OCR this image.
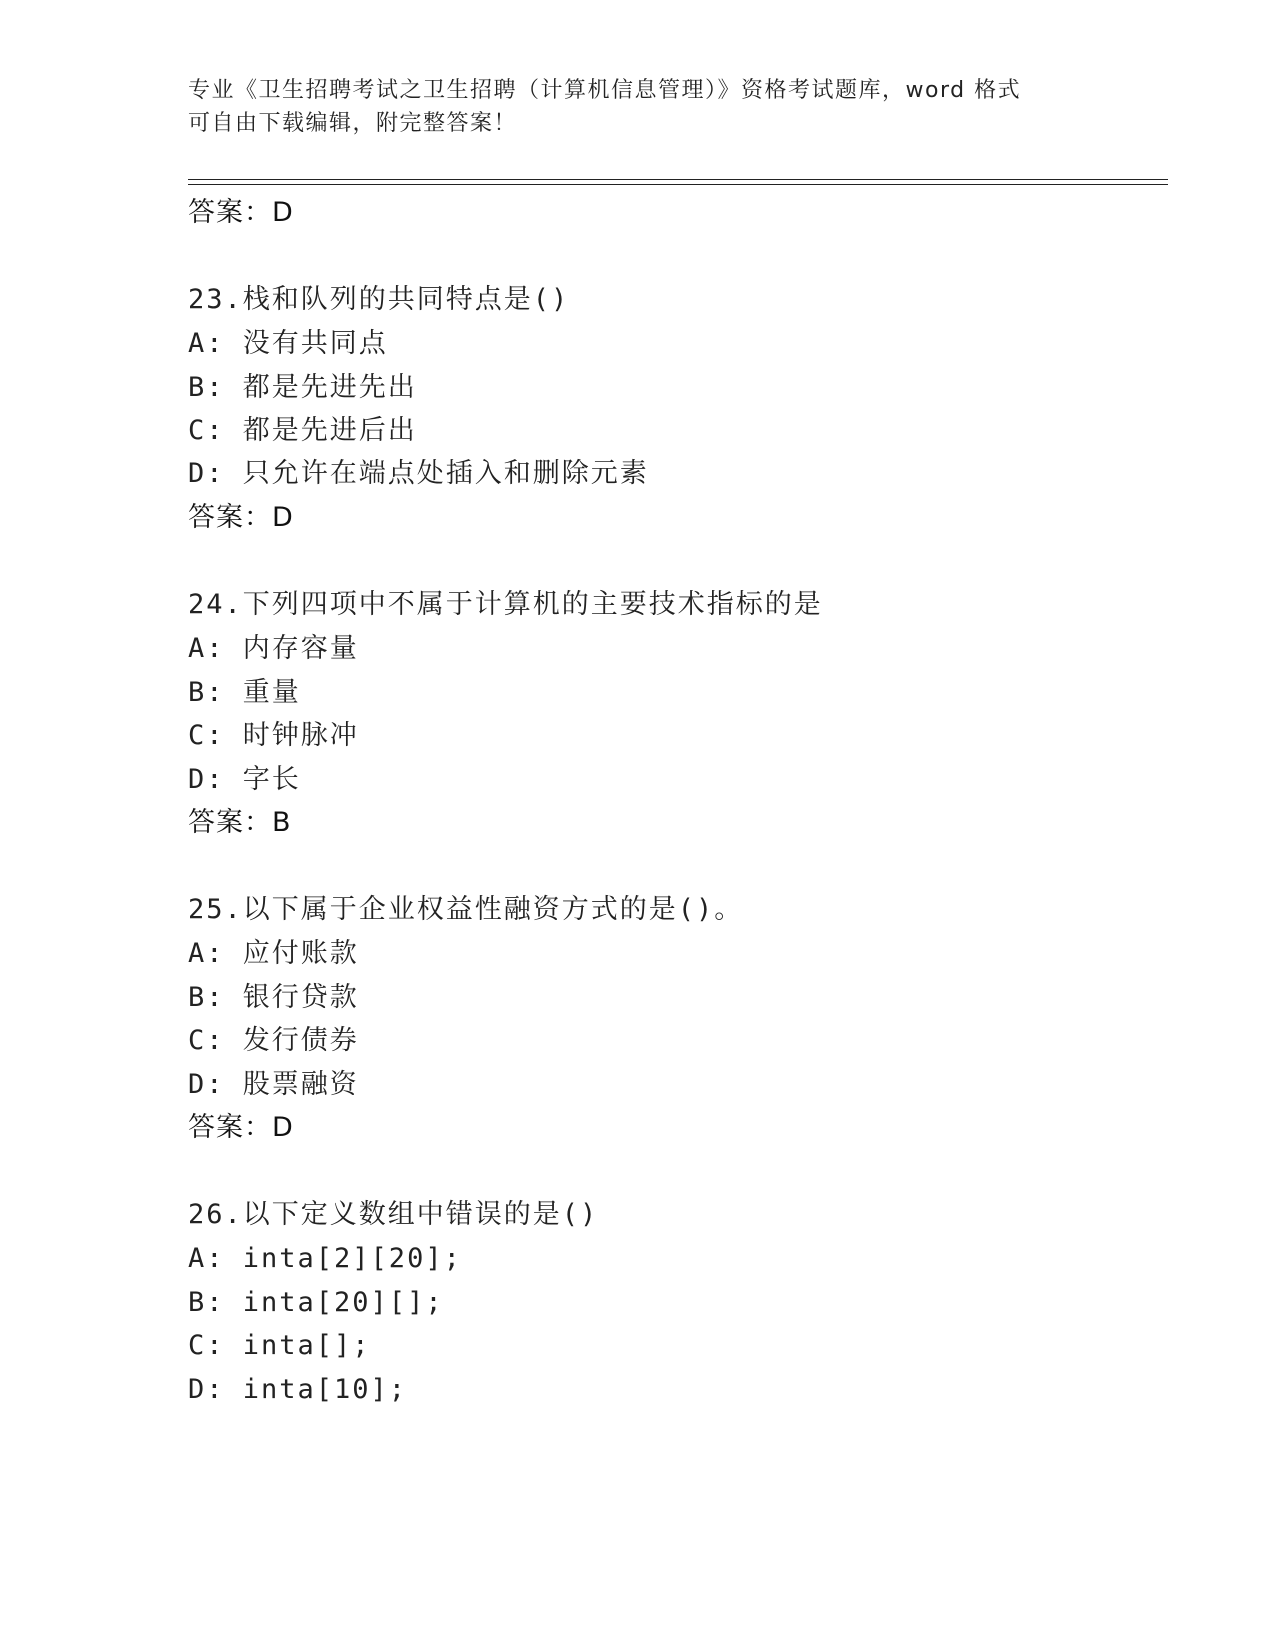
专业《卫生招聘考试之卫生招聘（计算机信息管理）》资格考试题库，word 格式
可自由下载编辑，附完整答案！
答案：D
23.栈和队列的共同特点是()
A: 没有共同点
B: 都是先进先出
C: 都是先进后出
D: 只允许在端点处插入和删除元素
答案：D
24.下列四项中不属于计算机的主要技术指标的是
A: 内存容量
B: 重量
C: 时钟脉冲
D: 字长
答案：B
25.以下属于企业权益性融资方式的是()。
A: 应付账款
B: 银行贷款
C: 发行债券
D: 股票融资
答案：D
26.以下定义数组中错误的是()
A: inta[2][20];
B: inta[20][];
C: inta[];
D: inta[10];
